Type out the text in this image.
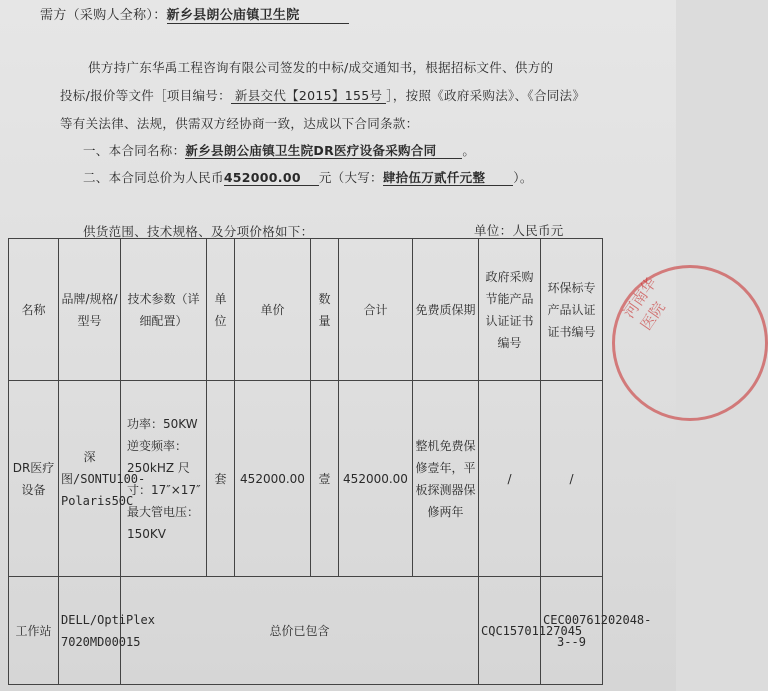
需方（采购人全称）：新乡县朗公庙镇卫生院
供方持广东华禹工程咨询有限公司签发的中标/成交通知书，根据招标文件、供方的
投标/报价等文件［项目编号： 新县交代【2015】155号 ］，按照《政府采购法》、《合同法》
等有关法律、法规，供需双方经协商一致，达成以下合同条款：
一、本合同名称：新乡县朗公庙镇卫生院DR医疗设备采购合同 。
二、本合同总价为人民币452000.00 元（大写：肆拾伍万贰仟元整 ）。
供货范围、技术规格、及分项价格如下：	单位：人民币元
名称	品牌/规格/型号	技术参数（详细配置）	单位	单价	数量	合计	免费质保期	政府采购节能产品认证证书编号	环保标专产品认证证书编号
DR医疗设备	深图/SONTU100-Polaris50C	功率：50KW 逆变频率：250kHZ 尺寸：17″×17″ 最大管电压：150KV	套	452000.00	壹	452000.00	整机免费保修壹年，平板探测器保修两年	/	/
工作站	DELL/OptiPlex 7020MD00015	总价已包含						CQC15701127045	CEC00761202048-3--9
河南华医院
